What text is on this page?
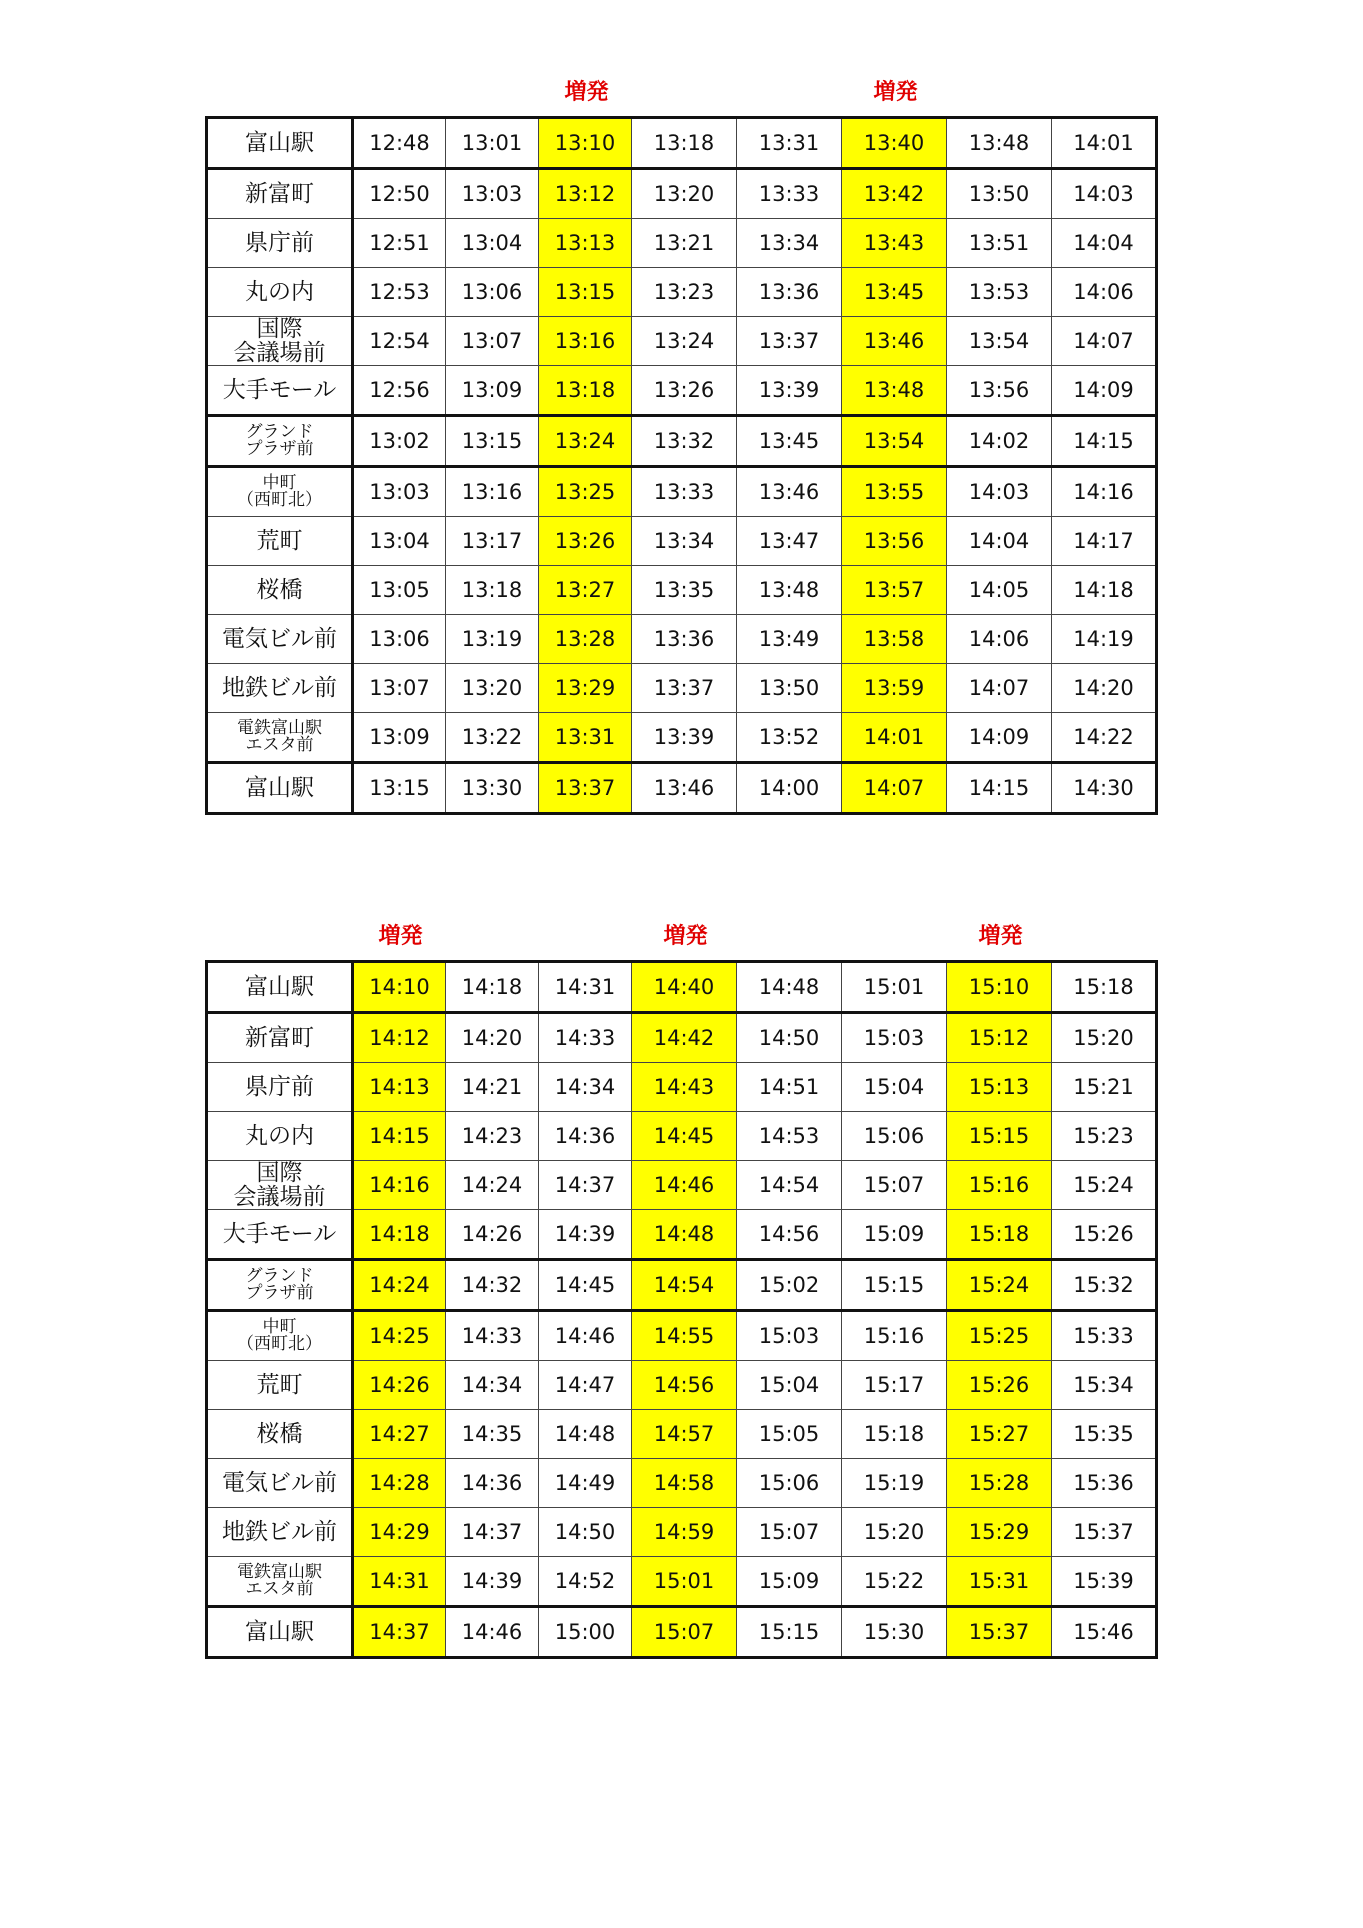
増発	増発
富山駅	12:48	13:01	13:10	13:18	13:31	13:40	13:48	14:01

新富町	12:50	13:03	13:12	13:20	13:33	13:42	13:50	14:03

県庁前	12:51	13:04	13:13	13:21	13:34	13:43	13:51	14:04

丸の内	12:53	13:06	13:15	13:23	13:36	13:45	13:53	14:06

国際
会議場前	12:54	13:07	13:16	13:24	13:37	13:46	13:54	14:07

大手モール	12:56	13:09	13:18	13:26	13:39	13:48	13:56	14:09

グランド
プラザ前	13:02	13:15	13:24	13:32	13:45	13:54	14:02	14:15

中町
（西町北）	13:03	13:16	13:25	13:33	13:46	13:55	14:03	14:16

荒町	13:04	13:17	13:26	13:34	13:47	13:56	14:04	14:17

桜橋	13:05	13:18	13:27	13:35	13:48	13:57	14:05	14:18

電気ビル前	13:06	13:19	13:28	13:36	13:49	13:58	14:06	14:19

地鉄ビル前	13:07	13:20	13:29	13:37	13:50	13:59	14:07	14:20

電鉄富山駅
エスタ前	13:09	13:22	13:31	13:39	13:52	14:01	14:09	14:22

富山駅	13:15	13:30	13:37	13:46	14:00	14:07	14:15	14:30
増発	増発	増発
富山駅	14:10	14:18	14:31	14:40	14:48	15:01	15:10	15:18

新富町	14:12	14:20	14:33	14:42	14:50	15:03	15:12	15:20

県庁前	14:13	14:21	14:34	14:43	14:51	15:04	15:13	15:21

丸の内	14:15	14:23	14:36	14:45	14:53	15:06	15:15	15:23

国際
会議場前	14:16	14:24	14:37	14:46	14:54	15:07	15:16	15:24

大手モール	14:18	14:26	14:39	14:48	14:56	15:09	15:18	15:26

グランド
プラザ前	14:24	14:32	14:45	14:54	15:02	15:15	15:24	15:32

中町
（西町北）	14:25	14:33	14:46	14:55	15:03	15:16	15:25	15:33

荒町	14:26	14:34	14:47	14:56	15:04	15:17	15:26	15:34

桜橋	14:27	14:35	14:48	14:57	15:05	15:18	15:27	15:35

電気ビル前	14:28	14:36	14:49	14:58	15:06	15:19	15:28	15:36

地鉄ビル前	14:29	14:37	14:50	14:59	15:07	15:20	15:29	15:37

電鉄富山駅
エスタ前	14:31	14:39	14:52	15:01	15:09	15:22	15:31	15:39

富山駅	14:37	14:46	15:00	15:07	15:15	15:30	15:37	15:46
